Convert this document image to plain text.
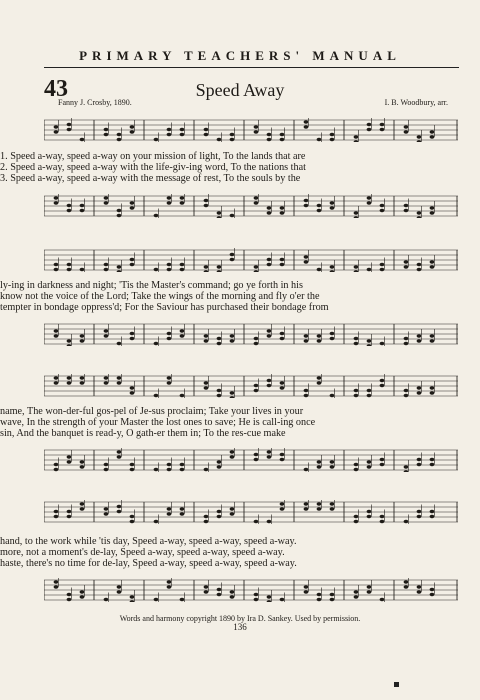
PRIMARY TEACHERS' MANUAL
43	Speed Away
Fanny J. Crosby, 1890.	I. B. Woodbury, arr.
1. Speed a-way, speed a-way on your mission of light, To the lands that are
2. Speed a-way, speed a-way with the life-giv-ing word, To the nations that
3. Speed a-way, speed a-way with the message of rest, To the souls by the
ly-ing in darkness and night; 'Tis the Master's command; go ye forth in his
know not the voice of the Lord; Take the wings of the morning and fly o'er the
tempter in bondage oppress'd; For the Saviour has purchased their bondage from
name, The won-der-ful gos-pel of Je-sus proclaim; Take your lives in your
wave, In the strength of your Master the lost ones to save; He is call-ing once
sin, And the banquet is read-y, O gath-er them in; To the res-cue make
hand, to the work while 'tis day, Speed a-way, speed a-way, speed a-way.
more, not a moment's de-lay, Speed a-way, speed a-way, speed a-way.
haste, there's no time for de-lay, Speed a-way, speed a-way, speed a-way.
Words and harmony copyright 1890 by Ira D. Sankey. Used by permission.
136
